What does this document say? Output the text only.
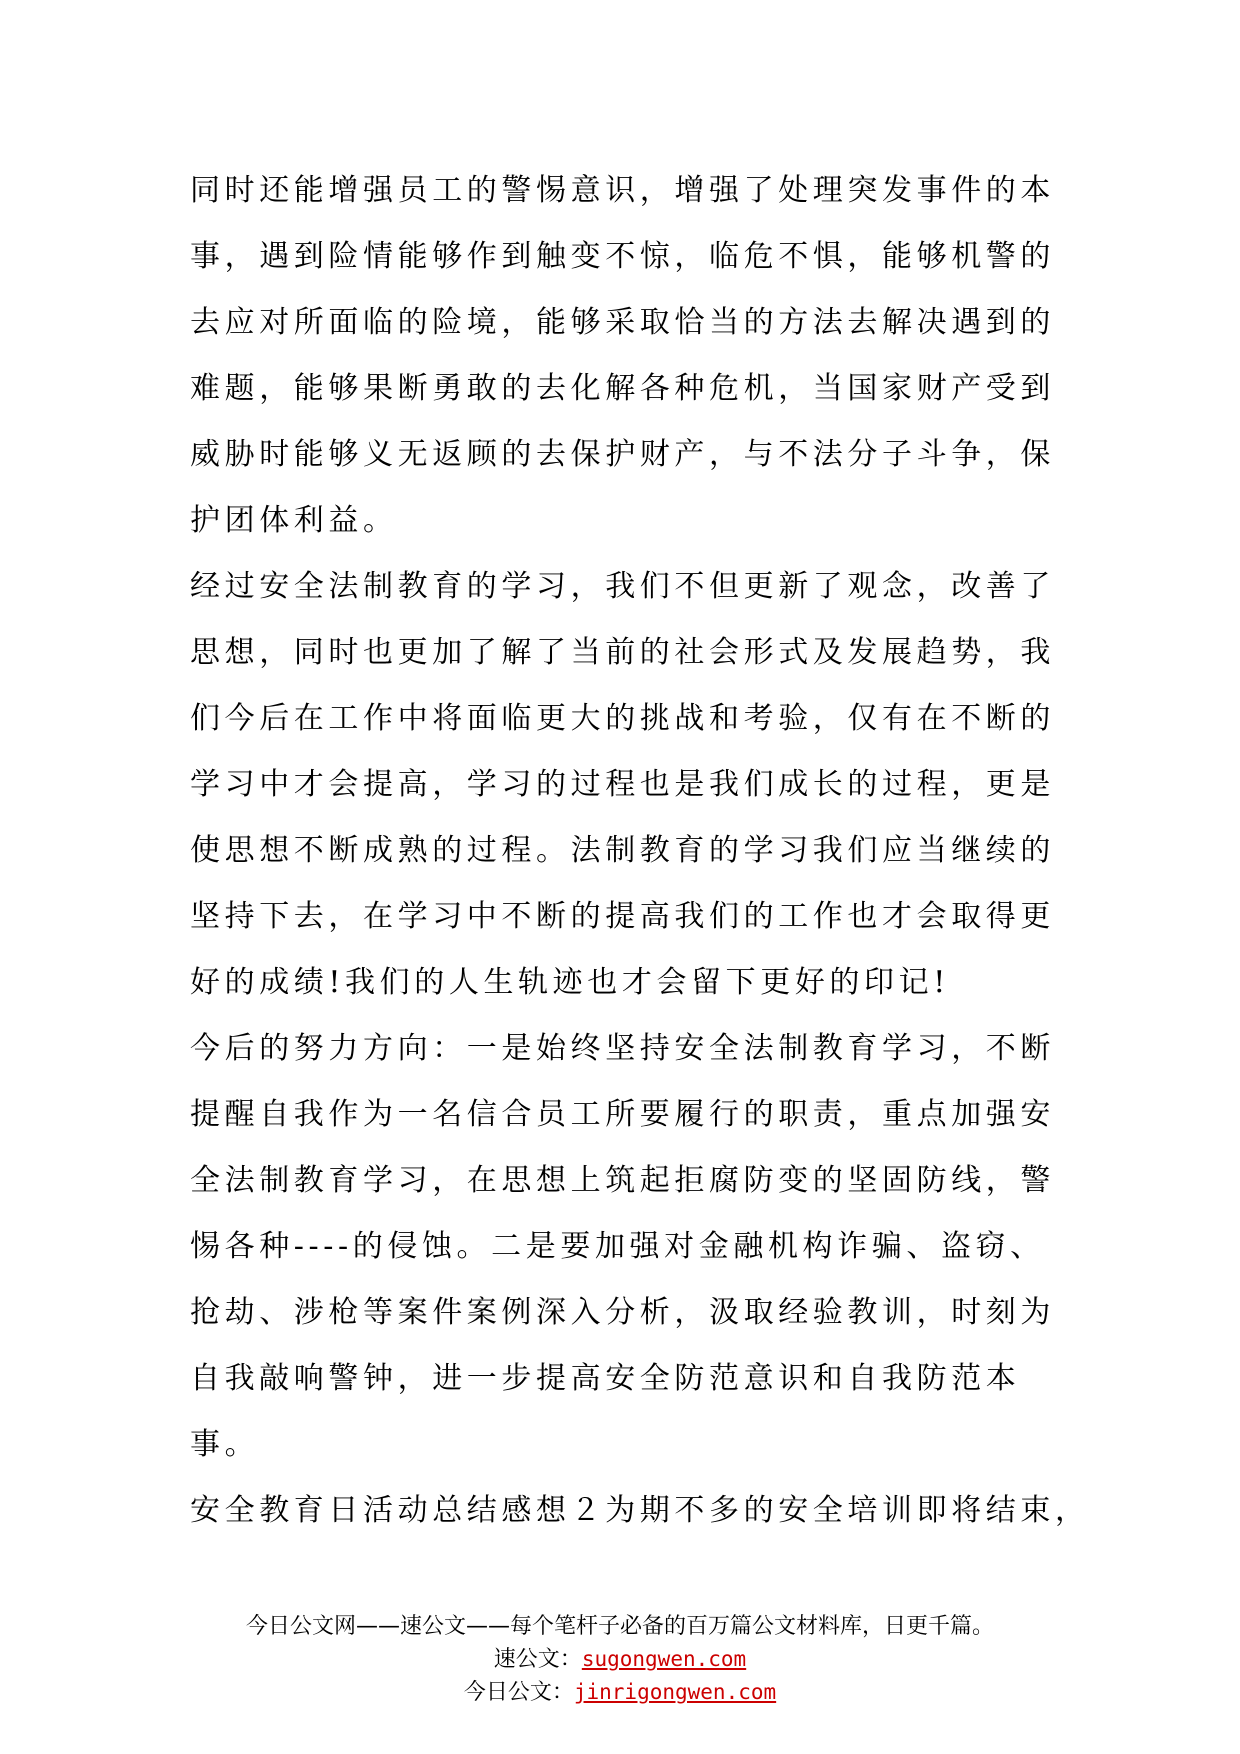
同时还能增强员工的警惕意识，增强了处理突发事件的本
事，遇到险情能够作到触变不惊，临危不惧，能够机警的
去应对所面临的险境，能够采取恰当的方法去解决遇到的
难题，能够果断勇敢的去化解各种危机，当国家财产受到
威胁时能够义无返顾的去保护财产，与不法分子斗争，保
护团体利益。
经过安全法制教育的学习，我们不但更新了观念，改善了
思想，同时也更加了解了当前的社会形式及发展趋势，我
们今后在工作中将面临更大的挑战和考验，仅有在不断的
学习中才会提高，学习的过程也是我们成长的过程，更是
使思想不断成熟的过程。法制教育的学习我们应当继续的
坚持下去，在学习中不断的提高我们的工作也才会取得更
好的成绩!我们的人生轨迹也才会留下更好的印记!
今后的努力方向：一是始终坚持安全法制教育学习，不断
提醒自我作为一名信合员工所要履行的职责，重点加强安
全法制教育学习，在思想上筑起拒腐防变的坚固防线，警
惕各种----的侵蚀。二是要加强对金融机构诈骗、盗窃、
抢劫、涉枪等案件案例深入分析，汲取经验教训，时刻为
自我敲响警钟，进一步提高安全防范意识和自我防范本
事。
安全教育日活动总结感想２为期不多的安全培训即将结束，
今日公文网——速公文——每个笔杆子必备的百万篇公文材料库，日更千篇。
速公文：sugongwen.com
今日公文：jinrigongwen.com
